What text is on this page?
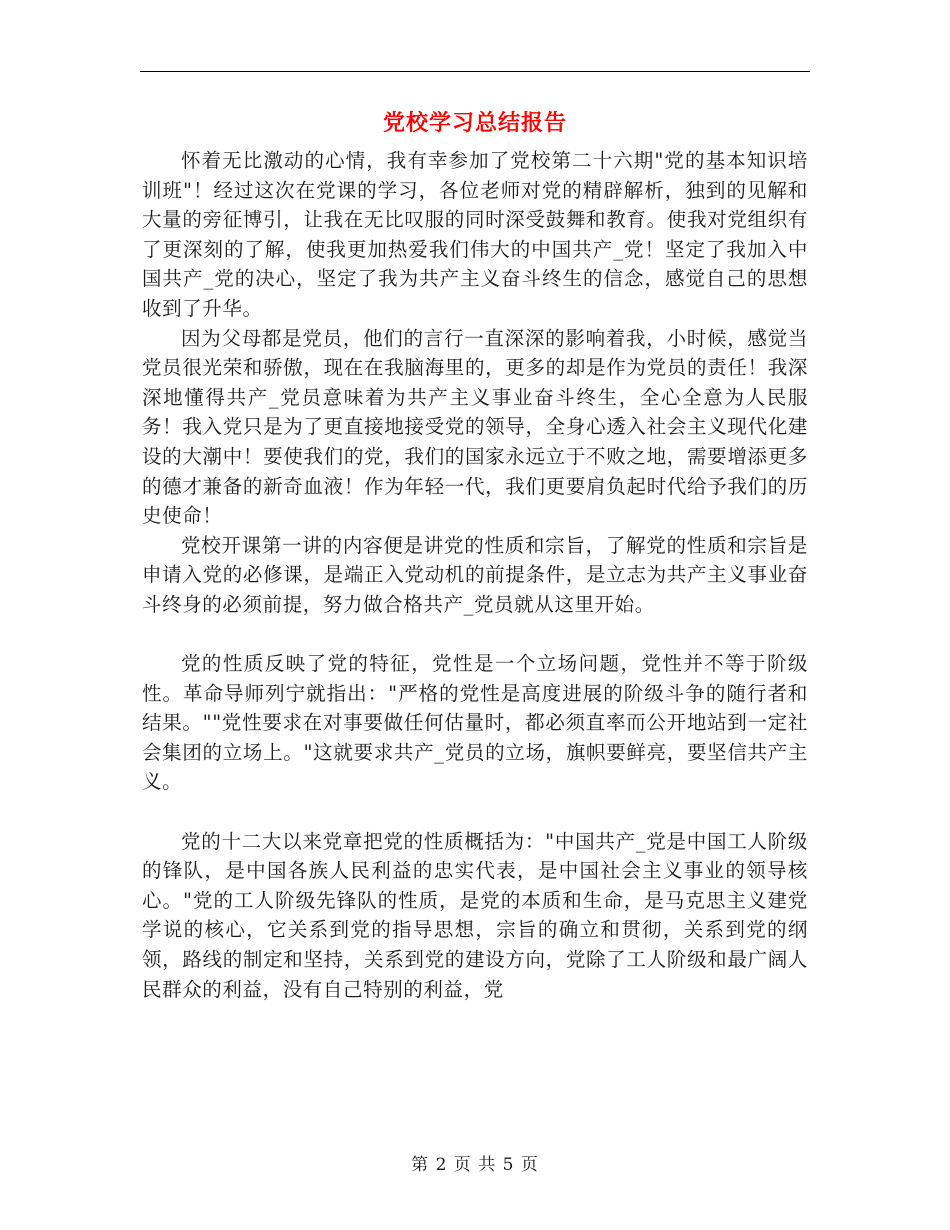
党校学习总结报告

怀着无比激动的心情，我有幸参加了党校第二十六期"党的基本知识培训班"！经过这次在党课的学习，各位老师对党的精辟解析，独到的见解和大量的旁征博引，让我在无比叹服的同时深受鼓舞和教育。使我对党组织有了更深刻的了解，使我更加热爱我们伟大的中国共产_党！坚定了我加入中国共产_党的决心，坚定了我为共产主义奋斗终生的信念，感觉自己的思想收到了升华。

因为父母都是党员，他们的言行一直深深的影响着我，小时候，感觉当党员很光荣和骄傲，现在在我脑海里的，更多的却是作为党员的责任！我深深地懂得共产_党员意味着为共产主义事业奋斗终生，全心全意为人民服务！我入党只是为了更直接地接受党的领导，全身心透入社会主义现代化建设的大潮中！要使我们的党，我们的国家永远立于不败之地，需要增添更多的德才兼备的新奇血液！作为年轻一代，我们更要肩负起时代给予我们的历史使命！

党校开课第一讲的内容便是讲党的性质和宗旨，了解党的性质和宗旨是申请入党的必修课，是端正入党动机的前提条件，是立志为共产主义事业奋斗终身的必须前提，努力做合格共产_党员就从这里开始。

党的性质反映了党的特征，党性是一个立场问题，党性并不等于阶级性。革命导师列宁就指出："严格的党性是高度进展的阶级斗争的随行者和结果。""党性要求在对事要做任何估量时，都必须直率而公开地站到一定社会集团的立场上。"这就要求共产_党员的立场，旗帜要鲜亮，要坚信共产主义。

党的十二大以来党章把党的性质概括为："中国共产_党是中国工人阶级的锋队，是中国各族人民利益的忠实代表，是中国社会主义事业的领导核心。"党的工人阶级先锋队的性质，是党的本质和生命，是马克思主义建党学说的核心，它关系到党的指导思想，宗旨的确立和贯彻，关系到党的纲领，路线的制定和坚持，关系到党的建设方向，党除了工人阶级和最广阔人民群众的利益，没有自己特别的利益，党

第 2 页 共 5 页
